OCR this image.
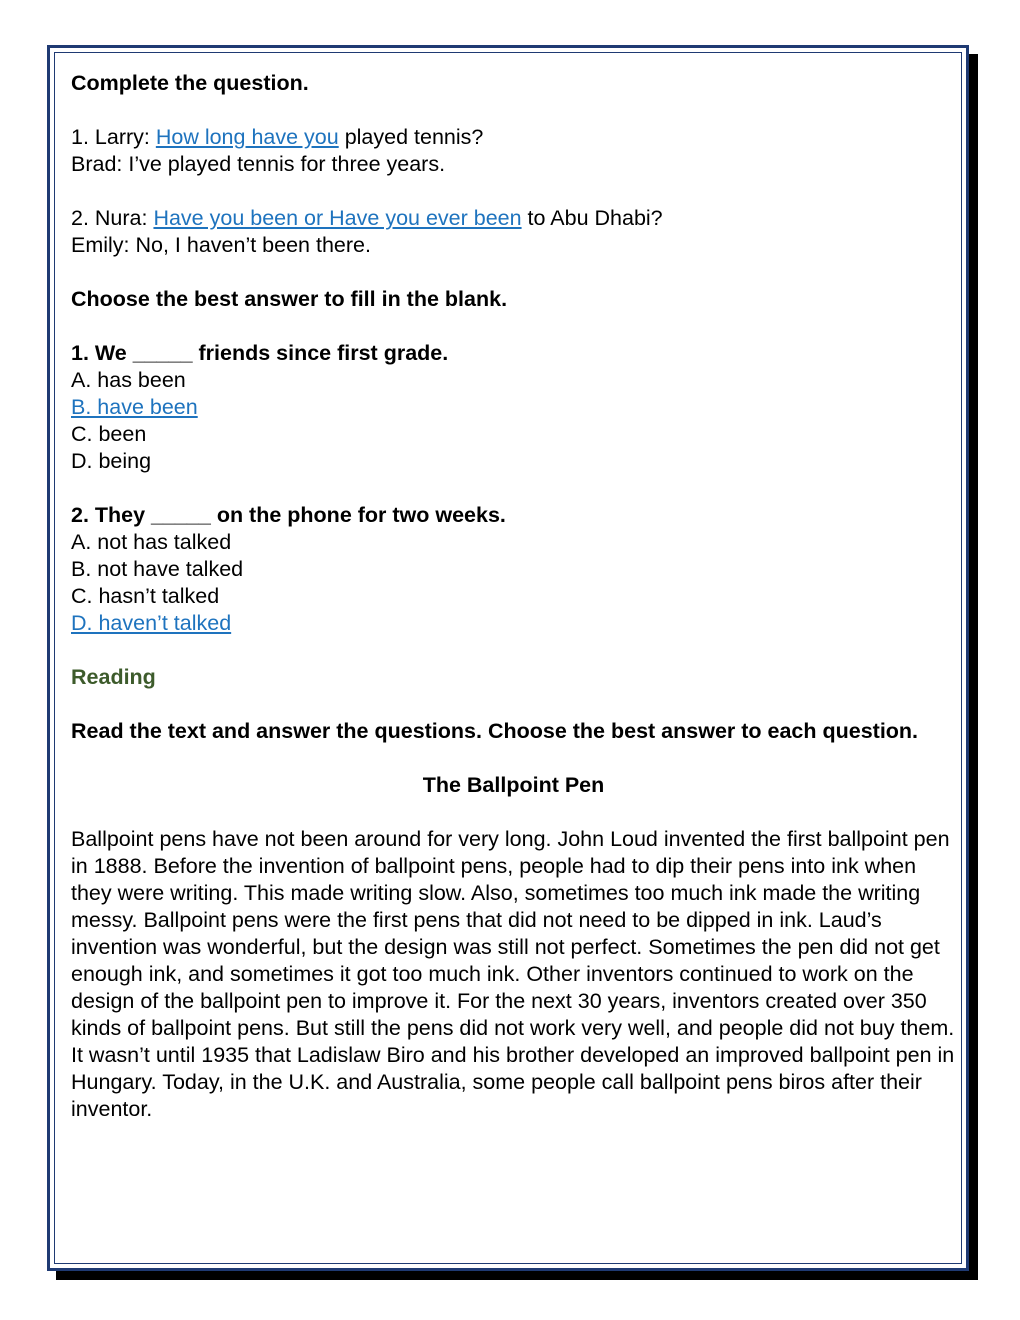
Complete the question.

1. Larry: How long have you played tennis?

Brad: I’ve played tennis for three years.

2. Nura: Have you been or Have you ever been to Abu Dhabi?

Emily: No, I haven’t been there.

Choose the best answer to fill in the blank.

1. We _____ friends since first grade.

A. has been

B. have been

C. been

D. being

2. They _____ on the phone for two weeks.

A. not has talked

B. not have talked

C. hasn’t talked

D. haven’t talked

Reading

Read the text and answer the questions. Choose the best answer to each question.

The Ballpoint Pen

Ballpoint pens have not been around for very long. John Loud invented the first ballpoint pen in 1888. Before the invention of ballpoint pens, people had to dip their pens into ink when they were writing. This made writing slow. Also, sometimes too much ink made the writing messy. Ballpoint pens were the first pens that did not need to be dipped in ink. Laud’s invention was wonderful, but the design was still not perfect. Sometimes the pen did not get enough ink, and sometimes it got too much ink. Other inventors continued to work on the design of the ballpoint pen to improve it. For the next 30 years, inventors created over 350 kinds of ballpoint pens. But still the pens did not work very well, and people did not buy them. It wasn’t until 1935 that Ladislaw Biro and his brother developed an improved ballpoint pen in Hungary. Today, in the U.K. and Australia, some people call ballpoint pens biros after their inventor.
